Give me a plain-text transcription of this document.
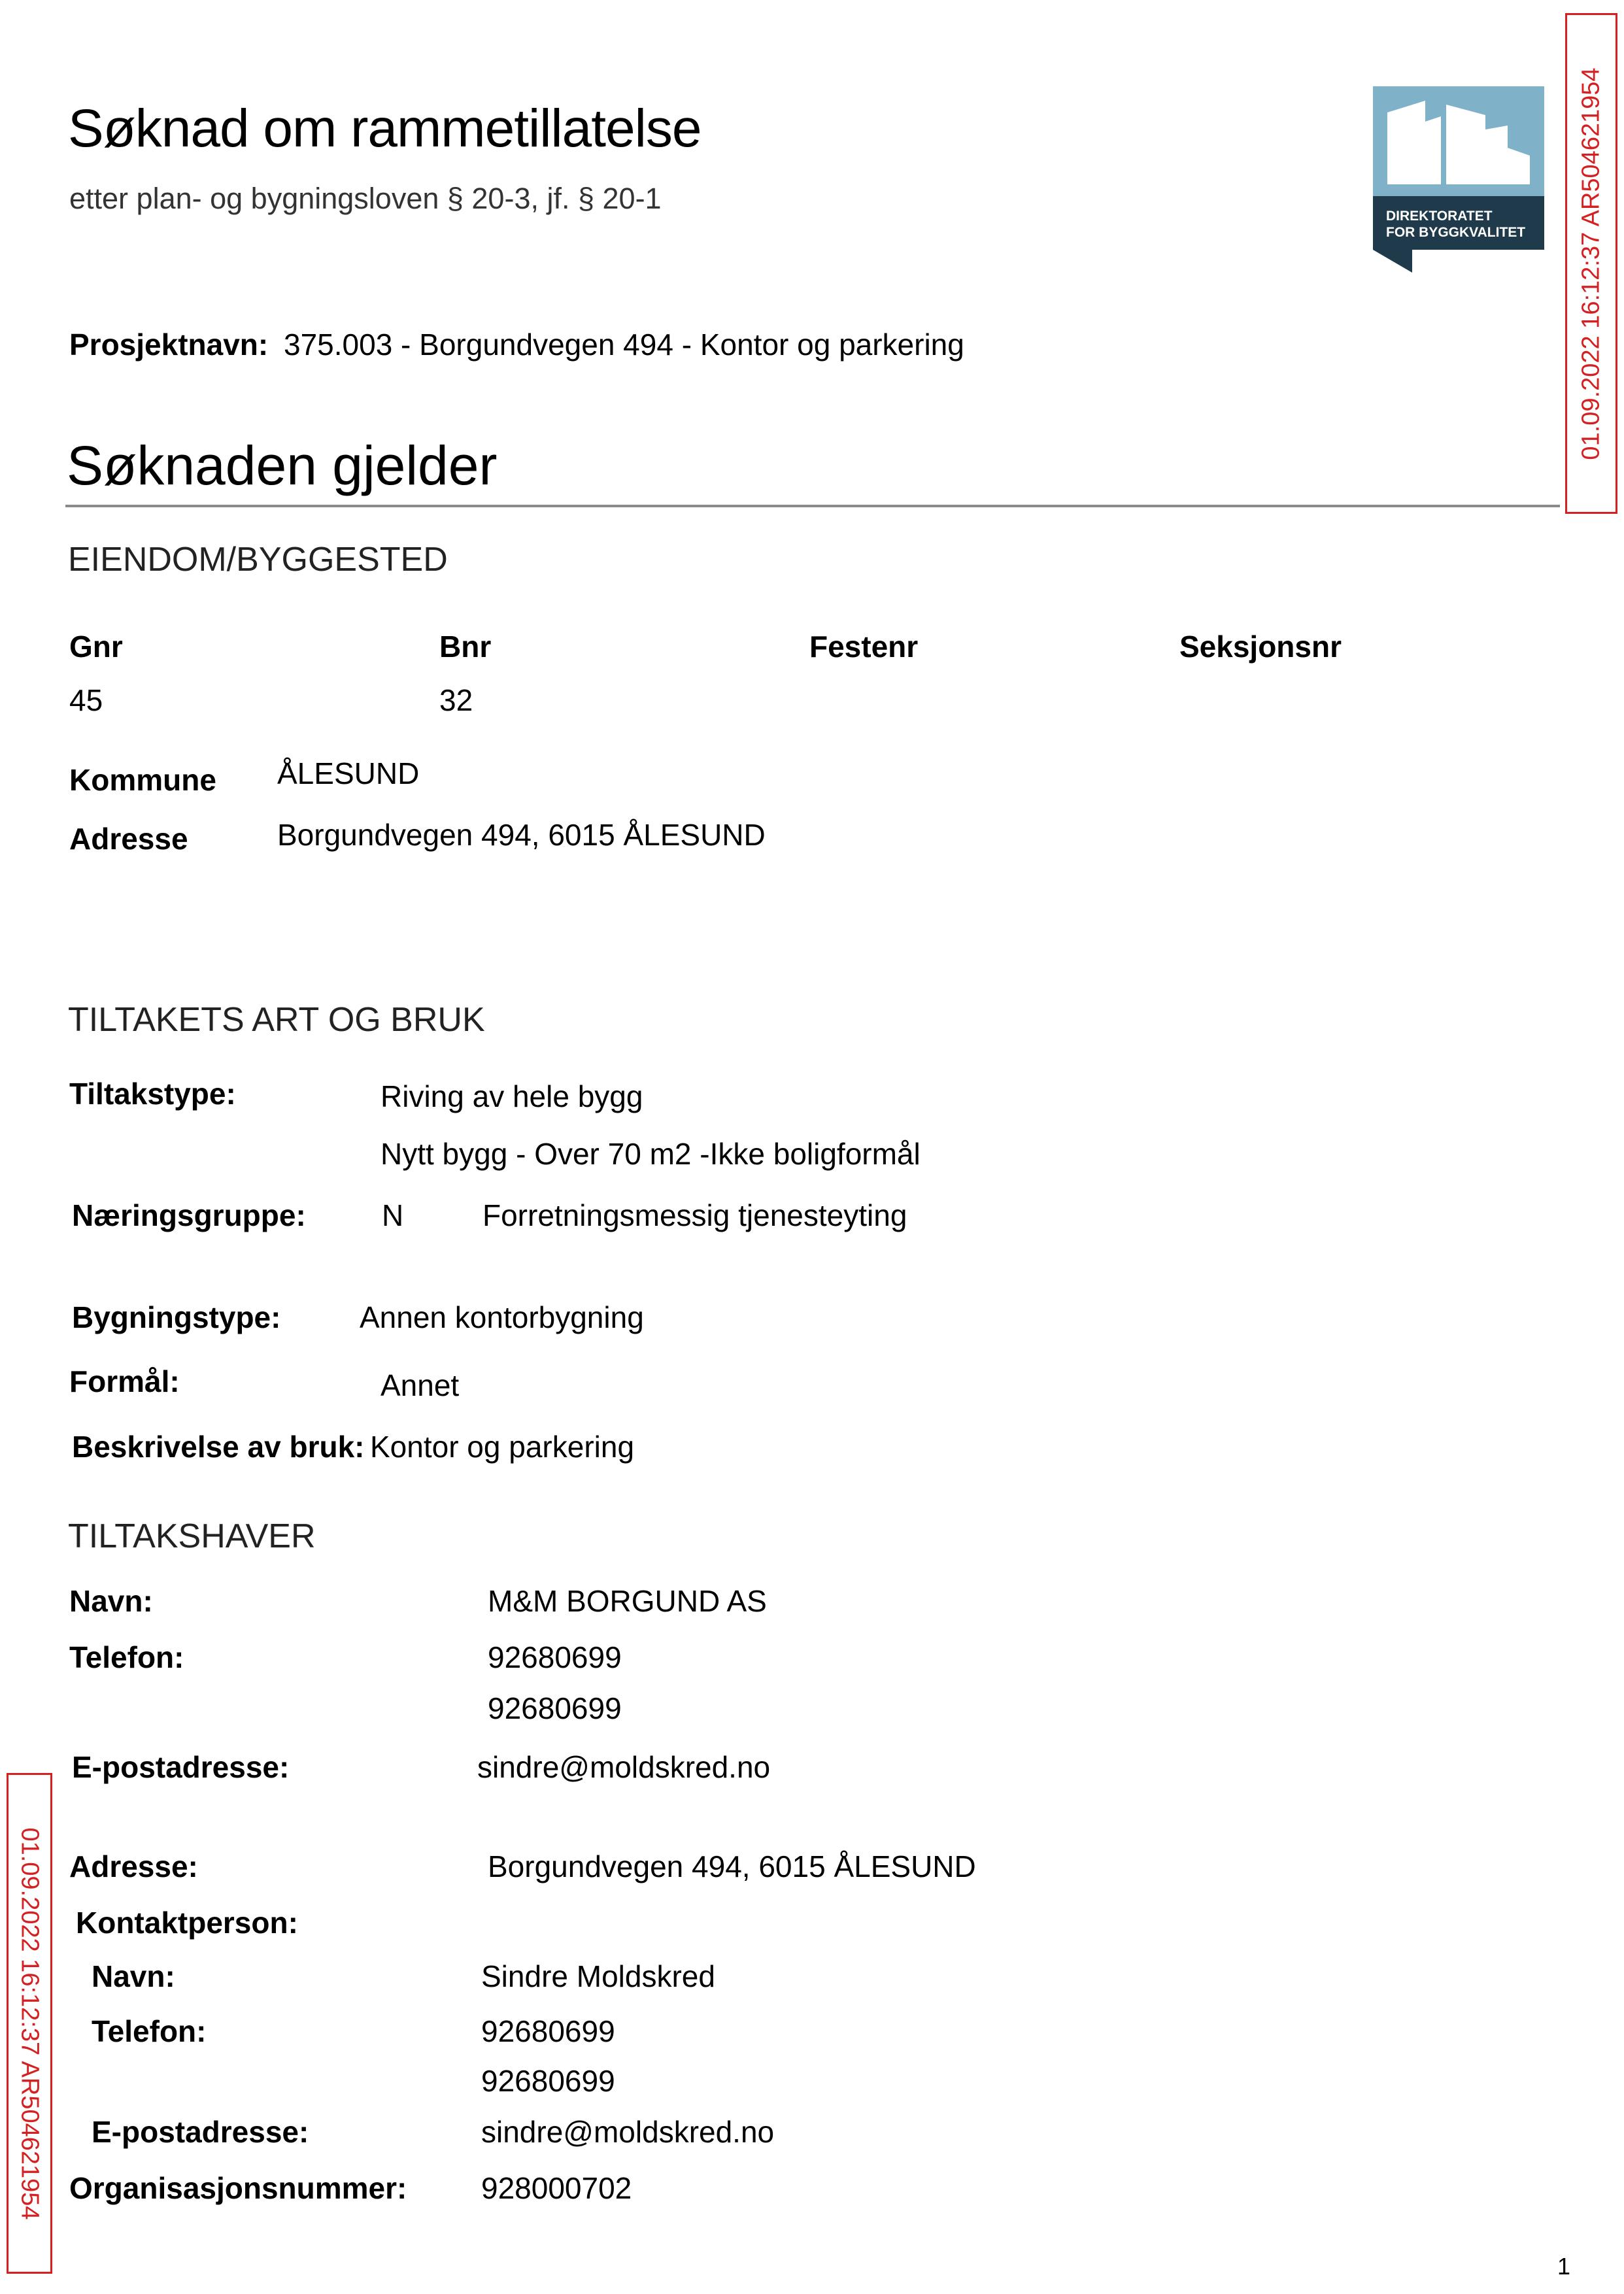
Søknad om rammetillatelse
etter plan- og bygningsloven § 20-3, jf. § 20-1
DIREKTORATET
FOR BYGGKVALITET 01.09.2022 16:12:37 AR504621954
Prosjektnavn: 375.003 - Borgundvegen 494 - Kontor og parkering
Søknaden gjelder
EIENDOM/BYGGESTED
Gnr	Bnr	Festenr	Seksjonsnr
45	32
Kommune ÅLESUND
Adresse	Borgundvegen 494, 6015 ÅLESUND
TILTAKETS ART OG BRUK
Tiltakstype:	Riving av hele bygg
Nytt bygg - Over 70 m2 -Ikke boligformål
Næringsgruppe:	N	Forretningsmessig tjenesteyting
Bygningstype:	Annen kontorbygning
Formål:	Annet
Beskrivelse av bruk: Kontor og parkering
TILTAKSHAVER
Navn:	M&M BORGUND AS
Telefon:	92680699
92680699
E-postadresse:	sindre@moldskred.no
Adresse:	Borgundvegen 494, 6015 ÅLESUND
Kontaktperson:
Navn:	Sindre Moldskred
Telefon:	92680699
92680699
E-postadresse:	sindre@moldskred.no
Organisasjonsnummer: 928000702
01.09.2022 16:12:37 AR504621954
1
